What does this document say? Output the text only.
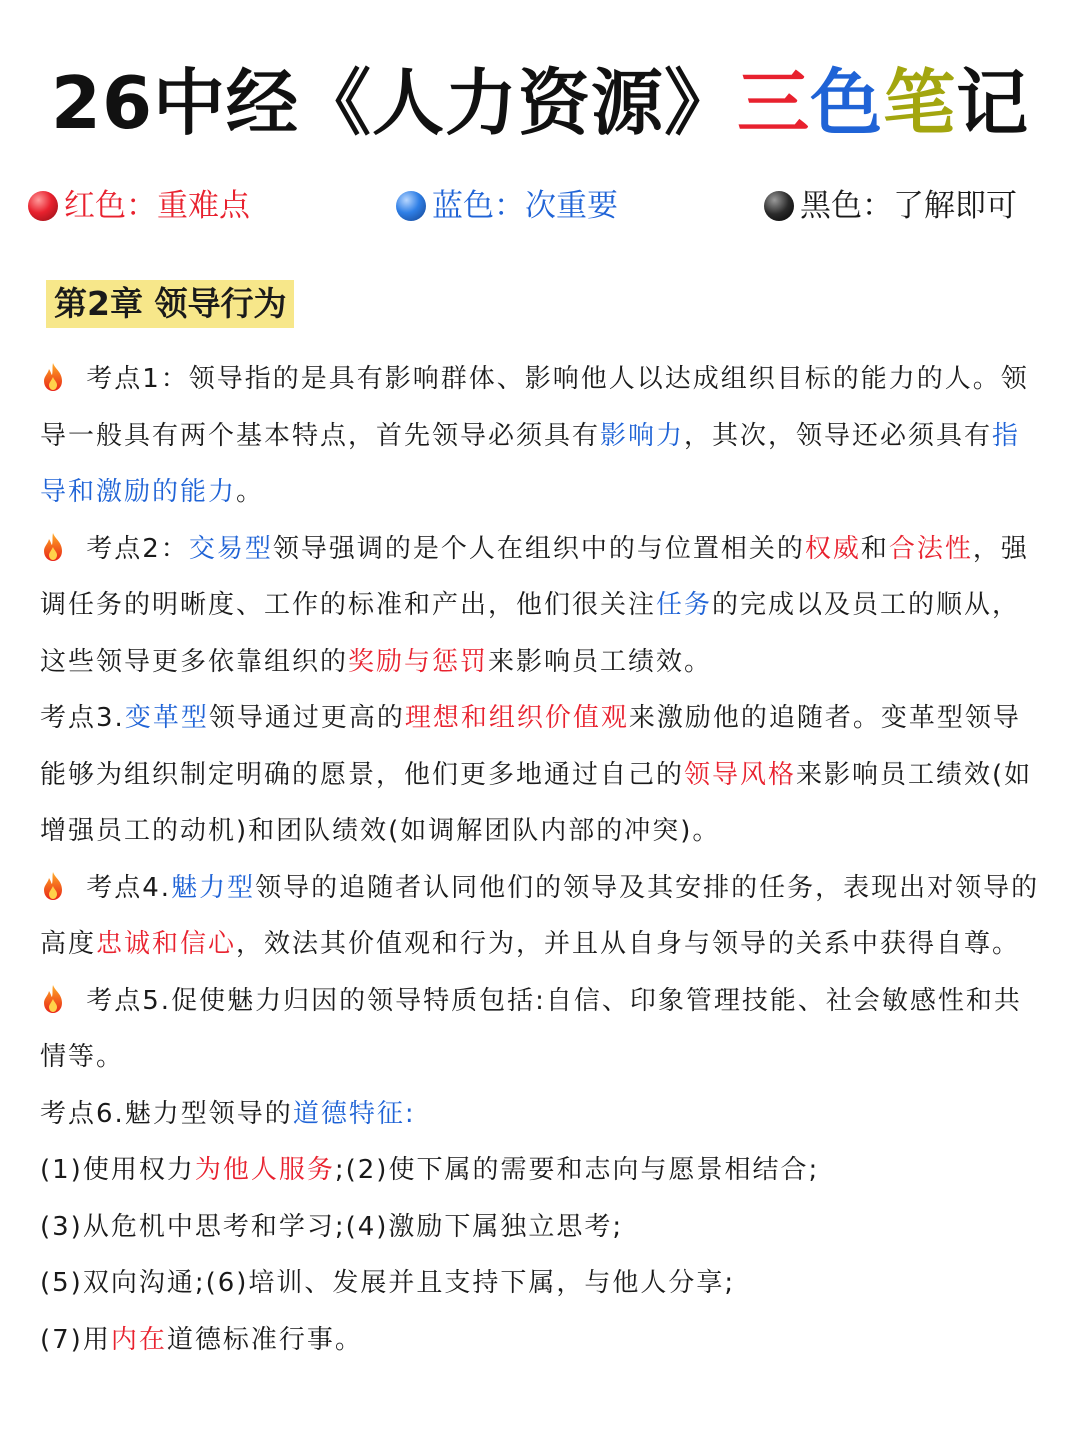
26中经《人力资源》三色笔记
红色：重难点	蓝色：次重要	黑色：了解即可
第2章 领导行为

考点1：领导指的是具有影响群体、影响他人以达成组织目标的能力的人。领导一般具有两个基本特点，首先领导必须具有影响力，其次，领导还必须具有指导和激励的能力。

考点2：交易型领导强调的是个人在组织中的与位置相关的权威和合法性，强调任务的明晰度、工作的标准和产出，他们很关注任务的完成以及员工的顺从，这些领导更多依靠组织的奖励与惩罚来影响员工绩效。

考点3.变革型领导通过更高的理想和组织价值观来激励他的追随者。变革型领导能够为组织制定明确的愿景，他们更多地通过自己的领导风格来影响员工绩效(如增强员工的动机)和团队绩效(如调解团队内部的冲突)。

考点4.魅力型领导的追随者认同他们的领导及其安排的任务，表现出对领导的高度忠诚和信心，效法其价值观和行为，并且从自身与领导的关系中获得自尊。

考点5.促使魅力归因的领导特质包括:自信、印象管理技能、社会敏感性和共情等。

考点6.魅力型领导的道德特征:

(1)使用权力为他人服务;(2)使下属的需要和志向与愿景相结合;

(3)从危机中思考和学习;(4)激励下属独立思考;

(5)双向沟通;(6)培训、发展并且支持下属，与他人分享;

(7)用内在道德标准行事。
